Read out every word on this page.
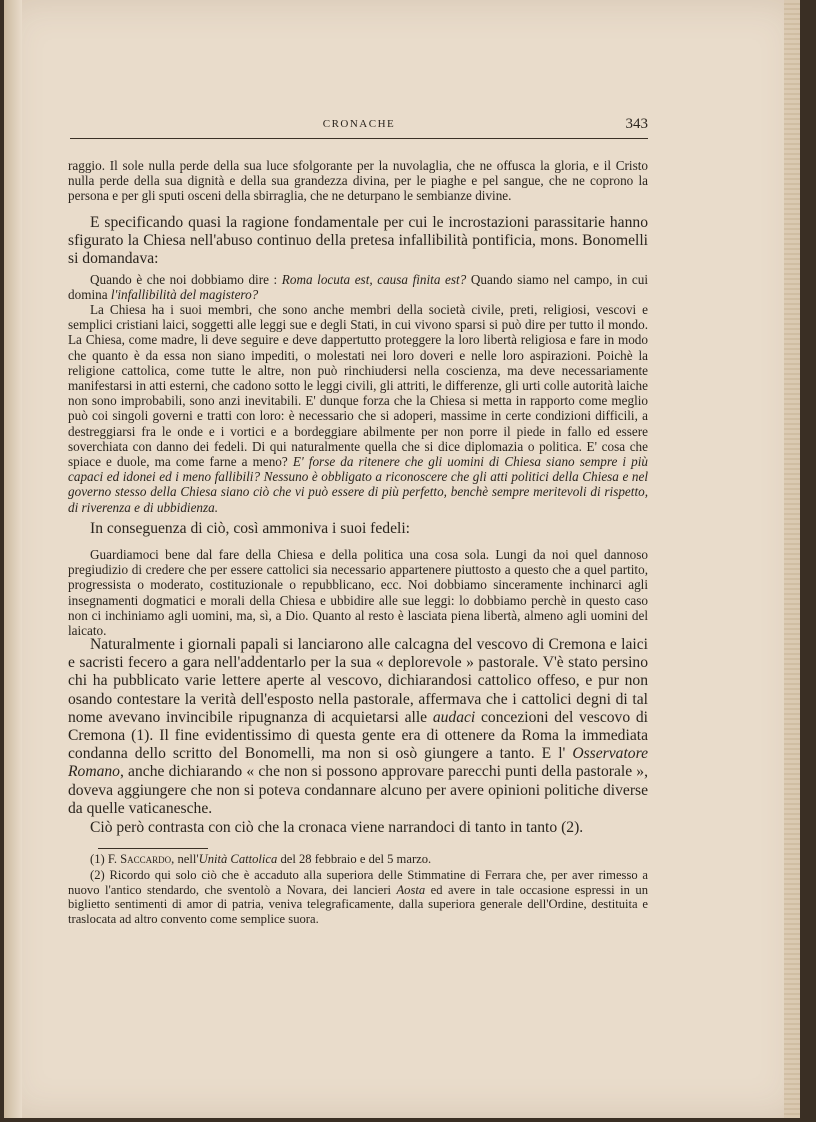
CRONACHE	343

raggio. Il sole nulla perde della sua luce sfolgorante per la nuvolaglia, che ne offusca la gloria, e il Cristo nulla perde della sua dignità e della sua grandezza divina, per le piaghe e pel sangue, che ne coprono la persona e per gli sputi osceni della sbirraglia, che ne deturpano le sembianze divine.

E specificando quasi la ragione fondamentale per cui le incrostazioni parassitarie hanno sfigurato la Chiesa nell'abuso continuo della pretesa infallibilità pontificia, mons. Bonomelli si domandava:

Quando è che noi dobbiamo dire : Roma locuta est, causa finita est? Quando siamo nel campo, in cui domina l'infallibilità del magistero?

La Chiesa ha i suoi membri, che sono anche membri della società civile, preti, religiosi, vescovi e semplici cristiani laici, soggetti alle leggi sue e degli Stati, in cui vivono sparsi si può dire per tutto il mondo. La Chiesa, come madre, li deve seguire e deve dappertutto proteggere la loro libertà religiosa e fare in modo che quanto è da essa non siano impediti, o molestati nei loro doveri e nelle loro aspirazioni. Poichè la religione cattolica, come tutte le altre, non può rinchiudersi nella coscienza, ma deve necessariamente manifestarsi in atti esterni, che cadono sotto le leggi civili, gli attriti, le differenze, gli urti colle autorità laiche non sono improbabili, sono anzi inevitabili. E' dunque forza che la Chiesa si metta in rapporto come meglio può coi singoli governi e tratti con loro: è necessario che si adoperi, massime in certe condizioni difficili, a destreggiarsi fra le onde e i vortici e a bordeggiare abilmente per non porre il piede in fallo ed essere soverchiata con danno dei fedeli. Di qui naturalmente quella che si dice diplomazia o politica. E' cosa che spiace e duole, ma come farne a meno? E' forse da ritenere che gli uomini di Chiesa siano sempre i più capaci ed idonei ed i meno fallibili? Nessuno è obbligato a riconoscere che gli atti politici della Chiesa e nel governo stesso della Chiesa siano ciò che vi può essere di più perfetto, benchè sempre meritevoli di rispetto, di riverenza e di ubbidienza.

In conseguenza di ciò, così ammoniva i suoi fedeli:

Guardiamoci bene dal fare della Chiesa e della politica una cosa sola. Lungi da noi quel dannoso pregiudizio di credere che per essere cattolici sia necessario appartenere piuttosto a questo che a quel partito, progressista o moderato, costituzionale o repubblicano, ecc. Noi dobbiamo sinceramente inchinarci agli insegnamenti dogmatici e morali della Chiesa e ubbidire alle sue leggi: lo dobbiamo perchè in questo caso non ci inchiniamo agli uomini, ma, sì, a Dio. Quanto al resto è lasciata piena libertà, almeno agli uomini del laicato.

Naturalmente i giornali papali si lanciarono alle calcagna del vescovo di Cremona e laici e sacristi fecero a gara nell'addentarlo per la sua « deplorevole » pastorale. V'è stato persino chi ha pubblicato varie lettere aperte al vescovo, dichiarandosi cattolico offeso, e pur non osando contestare la verità dell'esposto nella pastorale, affermava che i cattolici degni di tal nome avevano invincibile ripugnanza di acquietarsi alle audaci concezioni del vescovo di Cremona (1). Il fine evidentissimo di questa gente era di ottenere da Roma la immediata condanna dello scritto del Bonomelli, ma non si osò giungere a tanto. E l' Osservatore Romano, anche dichiarando « che non si possono approvare parecchi punti della pastorale », doveva aggiungere che non si poteva condannare alcuno per avere opinioni politiche diverse da quelle vaticanesche.

Ciò però contrasta con ciò che la cronaca viene narrandoci di tanto in tanto (2).

(1) F. Saccardo, nell'Unità Cattolica del 28 febbraio e del 5 marzo.

(2) Ricordo qui solo ciò che è accaduto alla superiora delle Stimmatine di Ferrara che, per aver rimesso a nuovo l'antico stendardo, che sventolò a Novara, dei lancieri Aosta ed avere in tale occasione espressi in un biglietto sentimenti di amor di patria, veniva telegraficamente, dalla superiora generale dell'Ordine, destituita e traslocata ad altro convento come semplice suora.
